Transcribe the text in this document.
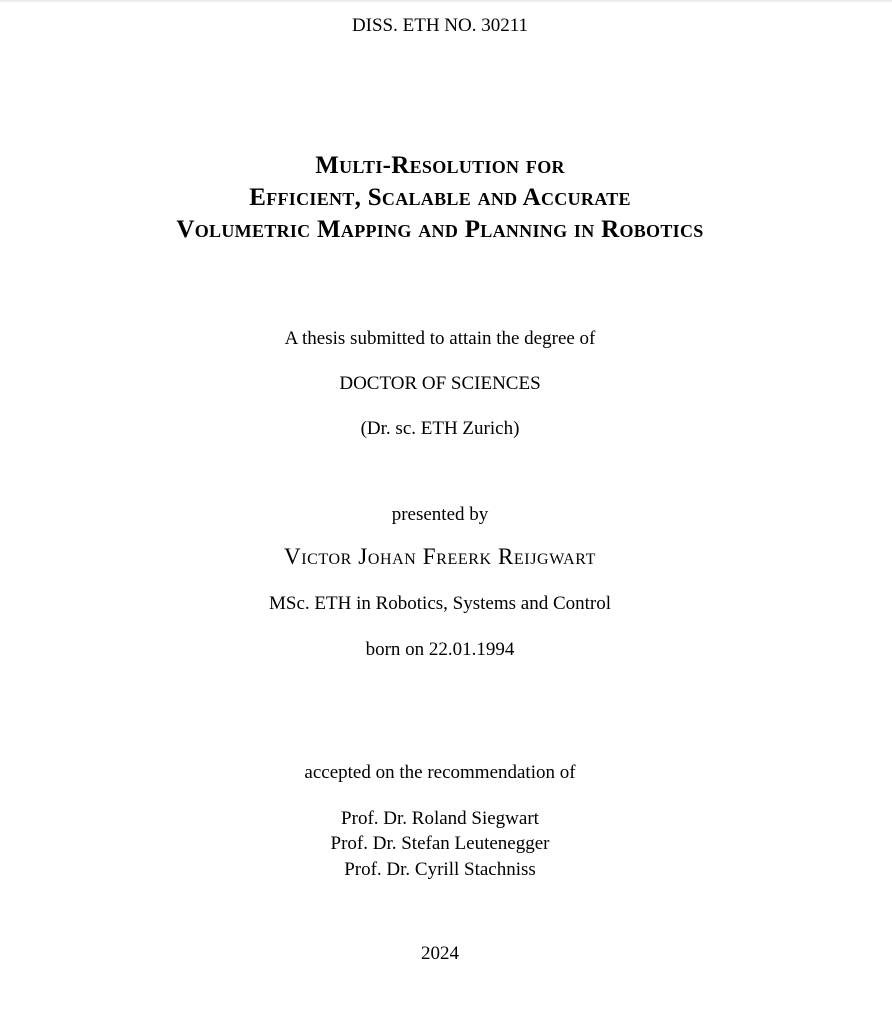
DISS. ETH NO. 30211
Multi-Resolution for
Efficient, Scalable and Accurate
Volumetric Mapping and Planning in Robotics
A thesis submitted to attain the degree of
DOCTOR OF SCIENCES
(Dr. sc. ETH Zurich)
presented by
Victor Johan Freerk Reijgwart
MSc. ETH in Robotics, Systems and Control
born on 22.01.1994
accepted on the recommendation of
Prof. Dr. Roland Siegwart
Prof. Dr. Stefan Leutenegger
Prof. Dr. Cyrill Stachniss
2024
